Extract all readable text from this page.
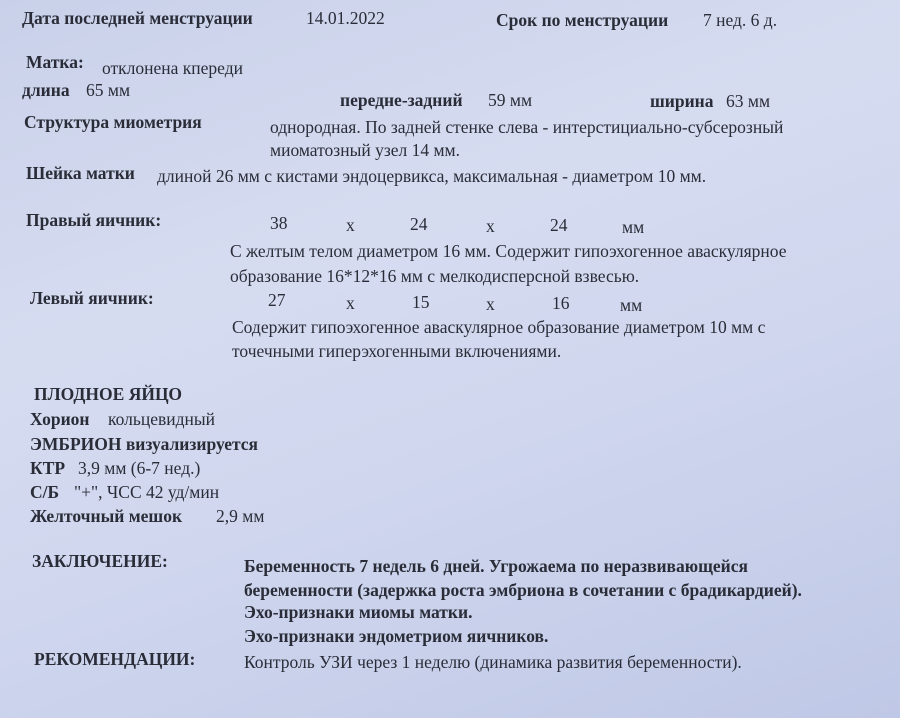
Дата последней менструации	14.01.2022	Срок по менструации 7 нед. 6 д.
Матка: отклонена кпереди
длина 65 мм	передне-задний 59 мм	ширина 63 мм
Структура миометрия	однородная. По задней стенке слева - интерстициально-субсерозный
миоматозный узел 14 мм.
Шейка матки длиной 26 мм с кистами эндоцервикса, максимальная - диаметром 10 мм.
Правый яичник:	38	x	24	x	24	мм
С желтым телом диаметром 16 мм. Содержит гипоэхогенное аваскулярное
образование 16*12*16 мм с мелкодисперсной взвесью.
Левый яичник:	27	x	15	x	16	мм
Содержит гипоэхогенное аваскулярное образование диаметром 10 мм с
точечными гиперэхогенными включениями.
ПЛОДНОЕ ЯЙЦО
Хорион кольцевидный
ЭМБРИОН визуализируется
КТР 3,9 мм (6-7 нед.)
С/Б "+", ЧСС 42 уд/мин
Желточный мешок 2,9 мм
ЗАКЛЮЧЕНИЕ:	Беременность 7 недель 6 дней. Угрожаема по неразвивающейся
беременности (задержка роста эмбриона в сочетании с брадикардией).
Эхо-признаки миомы матки.
Эхо-признаки эндометриом яичников.
РЕКОМЕНДАЦИИ:	Контроль УЗИ через 1 неделю (динамика развития беременности).
